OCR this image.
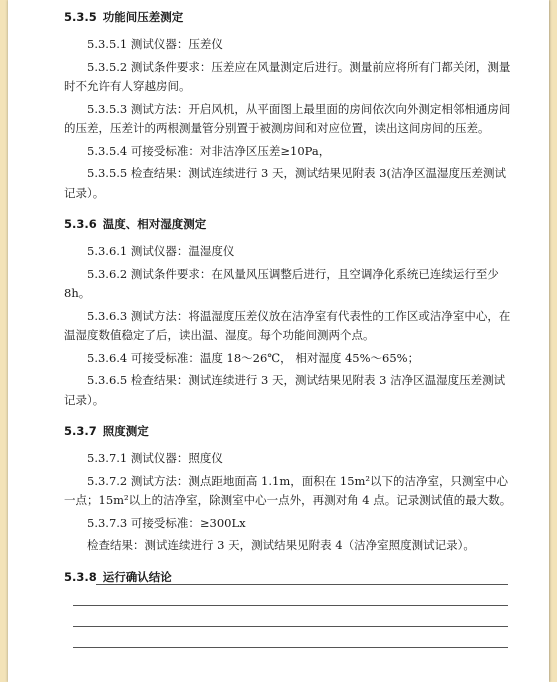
5.3.5 功能间压差测定

5.3.5.1 测试仪器：压差仪

5.3.5.2 测试条件要求：压差应在风量测定后进行。测量前应将所有门都关闭，测量时不允许有人穿越房间。

5.3.5.3 测试方法：开启风机，从平面图上最里面的房间依次向外测定相邻相通房间的压差，压差计的两根测量管分别置于被测房间和对应位置，读出这间房间的压差。

5.3.5.4 可接受标准：对非洁净区压差≥10Pa，

5.3.5.5 检查结果：测试连续进行 3 天，测试结果见附表 3(洁净区温湿度压差测试记录）。

5.3.6 温度、相对湿度测定

5.3.6.1 测试仪器：温湿度仪

5.3.6.2 测试条件要求：在风量风压调整后进行，且空调净化系统已连续运行至少 8h。

5.3.6.3 测试方法：将温湿度压差仪放在洁净室有代表性的工作区或洁净室中心，在温湿度数值稳定了后，读出温、湿度。每个功能间测两个点。

5.3.6.4 可接受标准：温度 18～26℃， 相对湿度 45%～65%；

5.3.6.5 检查结果：测试连续进行 3 天，测试结果见附表 3 洁净区温湿度压差测试记录）。

5.3.7 照度测定

5.3.7.1 测试仪器：照度仪

5.3.7.2 测试方法：测点距地面高 1.1m，面积在 15m²以下的洁净室，只测室中心一点；15m²以上的洁净室，除测室中心一点外，再测对角 4 点。记录测试值的最大数。

5.3.7.3 可接受标准：≥300Lx

检查结果：测试连续进行 3 天，测试结果见附表 4（洁净室照度测试记录）。

5.3.8 运行确认结论
